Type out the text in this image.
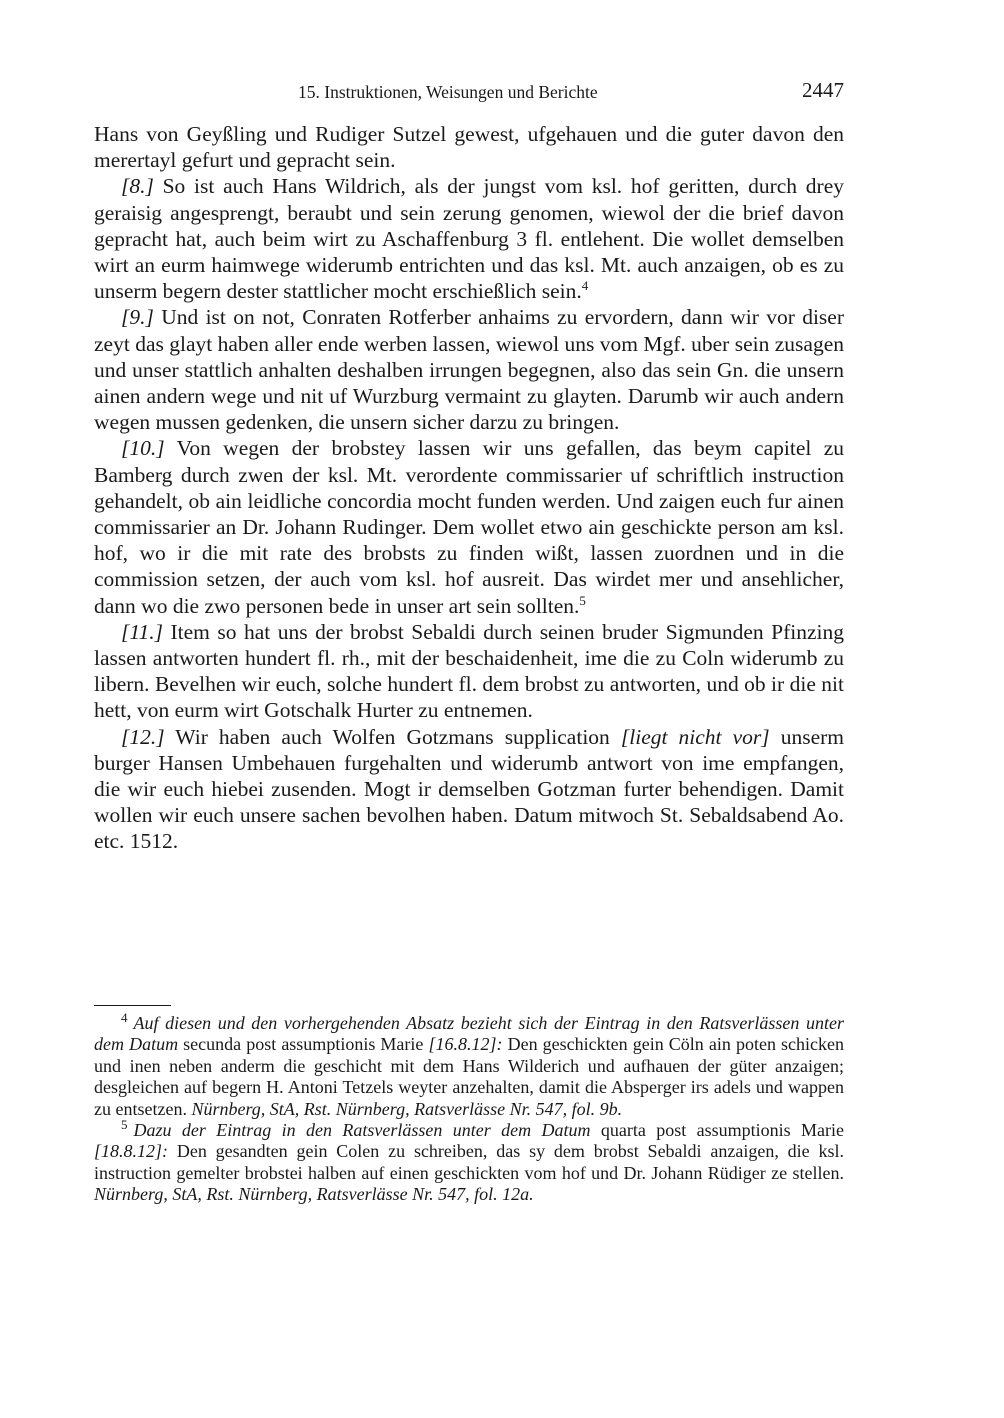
15. Instruktionen, Weisungen und Berichte	2447

Hans von Geyßling und Rudiger Sutzel gewest, ufgehauen und die guter davon den merertayl gefurt und gepracht sein.

[8.] So ist auch Hans Wildrich, als der jungst vom ksl. hof geritten, durch drey geraisig angesprengt, beraubt und sein zerung genomen, wiewol der die brief davon gepracht hat, auch beim wirt zu Aschaffenburg 3 fl. entlehent. Die wollet demselben wirt an eurm haimwege widerumb entrichten und das ksl. Mt. auch anzaigen, ob es zu unserm begern dester stattlicher mocht erschießlich sein.$^4$

[9.] Und ist on not, Conraten Rotferber anhaims zu ervordern, dann wir vor diser zeyt das glayt haben aller ende werben lassen, wiewol uns vom Mgf. uber sein zusagen und unser stattlich anhalten deshalben irrungen begegnen, also das sein Gn. die unsern ainen andern wege und nit uf Wurzburg vermaint zu glayten. Darumb wir auch andern wegen mussen gedenken, die unsern sicher darzu zu bringen.

[10.] Von wegen der brobstey lassen wir uns gefallen, das beym capitel zu Bamberg durch zwen der ksl. Mt. verordente commissarier uf schriftlich instruction gehandelt, ob ain leidliche concordia mocht funden werden. Und zaigen euch fur ainen commissarier an Dr. Johann Rudinger. Dem wollet etwo ain geschickte person am ksl. hof, wo ir die mit rate des brobsts zu finden wißt, lassen zuordnen und in die commission setzen, der auch vom ksl. hof ausreit. Das wirdet mer und ansehlicher, dann wo die zwo personen bede in unser art sein sollten.$^5$

[11.] Item so hat uns der brobst Sebaldi durch seinen bruder Sigmunden Pfinzing lassen antworten hundert fl. rh., mit der beschaidenheit, ime die zu Coln widerumb zu libern. Bevelhen wir euch, solche hundert fl. dem brobst zu antworten, und ob ir die nit hett, von eurm wirt Gotschalk Hurter zu entnemen.

[12.] Wir haben auch Wolfen Gotzmans supplication [liegt nicht vor] unserm burger Hansen Umbehauen furgehalten und widerumb antwort von ime empfangen, die wir euch hiebei zusenden. Mogt ir demselben Gotzman furter behendigen. Damit wollen wir euch unsere sachen bevolhen haben. Datum mitwoch St. Sebaldsabend Ao. etc. 1512.

$^4$ Auf diesen und den vorhergehenden Absatz bezieht sich der Eintrag in den Ratsverlässen unter dem Datum secunda post assumptionis Marie [16.8.12]: Den geschickten gein Cöln ain poten schicken und inen neben anderm die geschicht mit dem Hans Wilderich und aufhauen der güter anzaigen; desgleichen auf begern H. Antoni Tetzels weyter anzehalten, damit die Absperger irs adels und wappen zu entsetzen. Nürnberg, StA, Rst. Nürnberg, Ratsverlässe Nr. 547, fol. 9b.

$^5$ Dazu der Eintrag in den Ratsverlässen unter dem Datum quarta post assumptionis Marie [18.8.12]: Den gesandten gein Colen zu schreiben, das sy dem brobst Sebaldi anzaigen, die ksl. instruction gemelter brobstei halben auf einen geschickten vom hof und Dr. Johann Rüdiger ze stellen. Nürnberg, StA, Rst. Nürnberg, Ratsverlässe Nr. 547, fol. 12a.
